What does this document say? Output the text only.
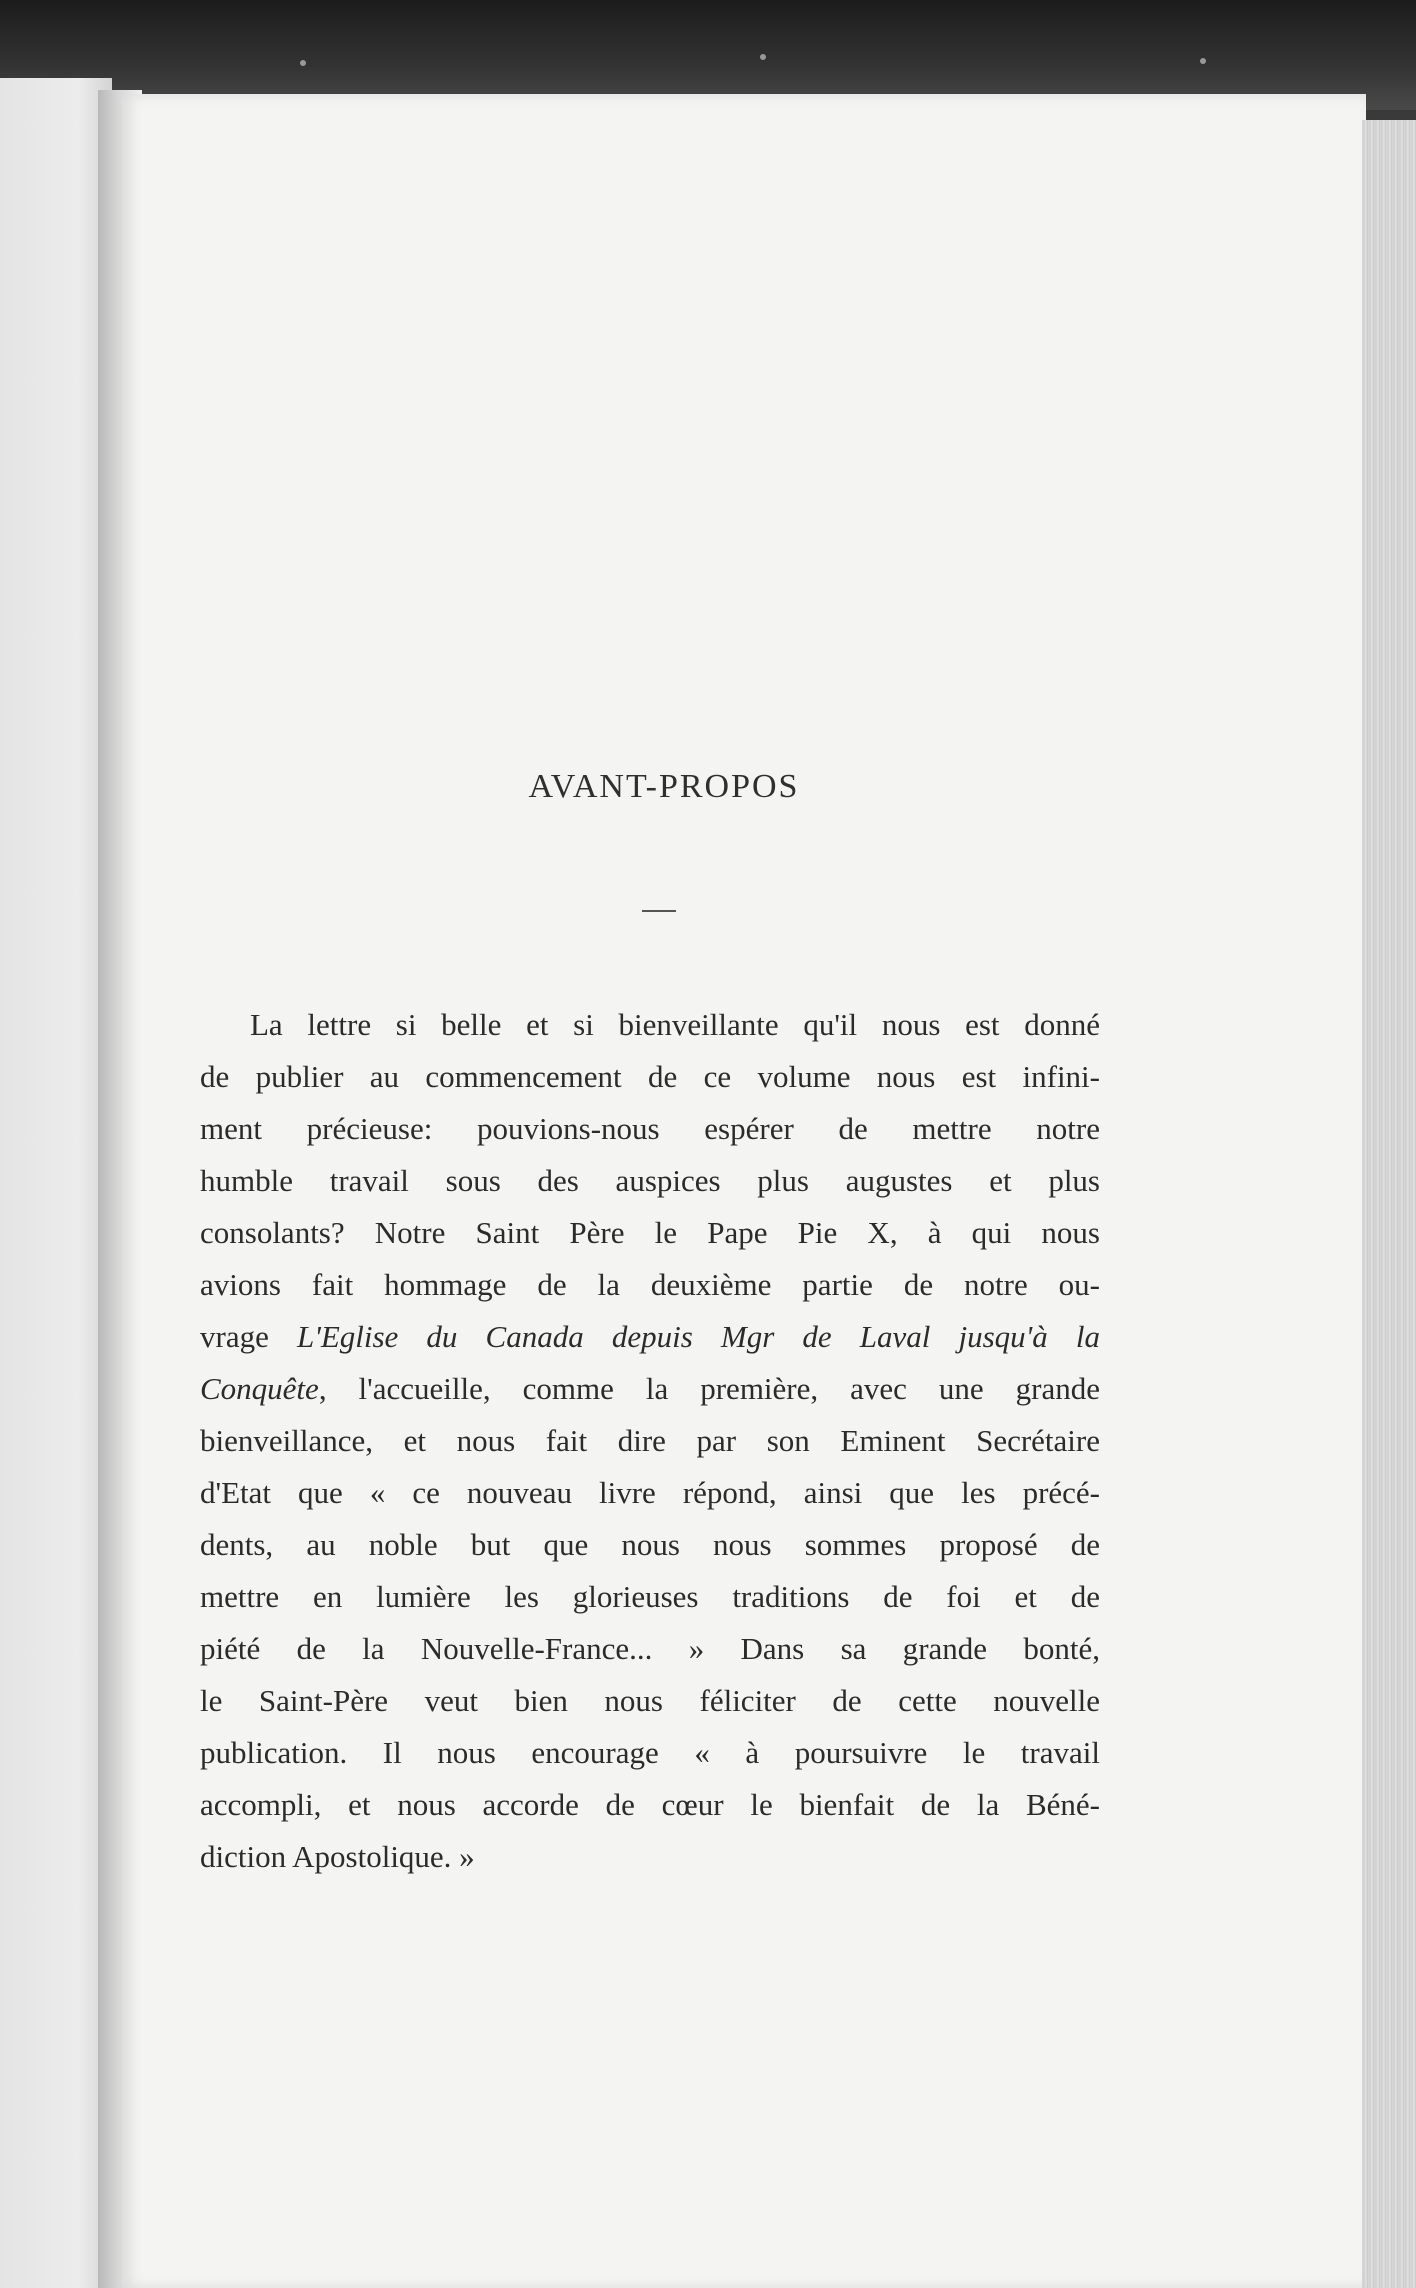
AVANT-PROPOS
La lettre si belle et si bienveillante qu'il nous est donné
de publier au commencement de ce volume nous est infini-
ment précieuse: pouvions-nous espérer de mettre notre
humble travail sous des auspices plus augustes et plus
consolants? Notre Saint Père le Pape Pie X, à qui nous
avions fait hommage de la deuxième partie de notre ou-
vrage L'Eglise du Canada depuis Mgr de Laval jusqu'à la
Conquête, l'accueille, comme la première, avec une grande
bienveillance, et nous fait dire par son Eminent Secrétaire
d'Etat que « ce nouveau livre répond, ainsi que les précé-
dents, au noble but que nous nous sommes proposé de
mettre en lumière les glorieuses traditions de foi et de
piété de la Nouvelle-France... » Dans sa grande bonté,
le Saint-Père veut bien nous féliciter de cette nouvelle
publication. Il nous encourage « à poursuivre le travail
accompli, et nous accorde de cœur le bienfait de la Béné-
diction Apostolique. »
